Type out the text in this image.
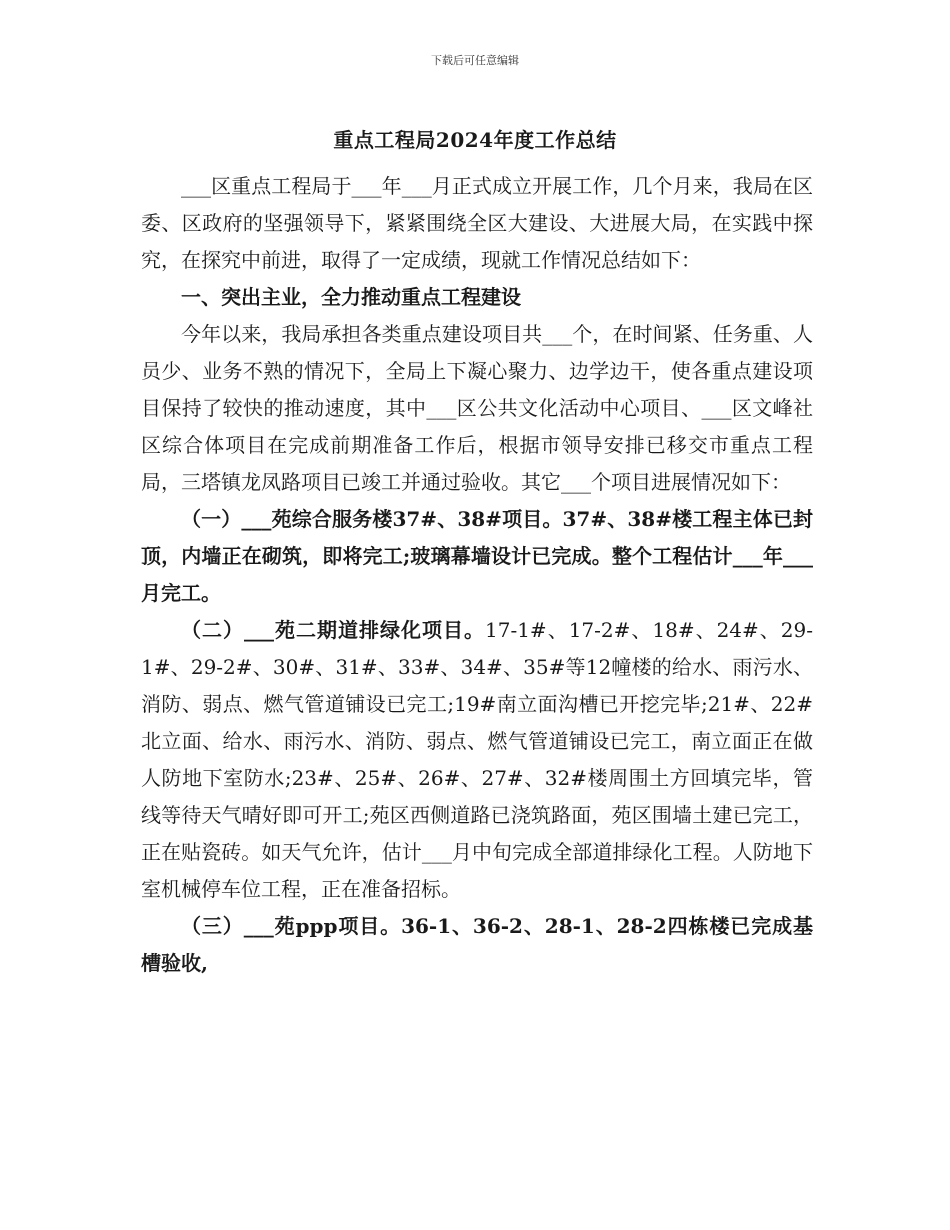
下载后可任意编辑
重点工程局2024年度工作总结

___区重点工程局于___年___月正式成立开展工作，几个月来，我局在区委、区政府的坚强领导下，紧紧围绕全区大建设、大进展大局，在实践中探究，在探究中前进，取得了一定成绩，现就工作情况总结如下：

一、突出主业，全力推动重点工程建设

今年以来，我局承担各类重点建设项目共___个，在时间紧、任务重、人员少、业务不熟的情况下，全局上下凝心聚力、边学边干，使各重点建设项目保持了较快的推动速度，其中___区公共文化活动中心项目、___区文峰社区综合体项目在完成前期准备工作后，根据市领导安排已移交市重点工程局，三塔镇龙凤路项目已竣工并通过验收。其它___个项目进展情况如下：

（一）___苑综合服务楼37#、38#项目。37#、38#楼工程主体已封顶，内墙正在砌筑，即将完工;玻璃幕墙设计已完成。整个工程估计___年___月完工。

（二）___苑二期道排绿化项目。17-1#、17-2#、18#、24#、29-1#、29-2#、30#、31#、33#、34#、35#等12幢楼的给水、雨污水、消防、弱点、燃气管道铺设已完工;19#南立面沟槽已开挖完毕;21#、22#北立面、给水、雨污水、消防、弱点、燃气管道铺设已完工，南立面正在做人防地下室防水;23#、25#、26#、27#、32#楼周围土方回填完毕，管线等待天气晴好即可开工;苑区西侧道路已浇筑路面，苑区围墙土建已完工，正在贴瓷砖。如天气允许，估计___月中旬完成全部道排绿化工程。人防地下室机械停车位工程，正在准备招标。

（三）___苑ppp项目。36-1、36-2、28-1、28-2四栋楼已完成基槽验收,
